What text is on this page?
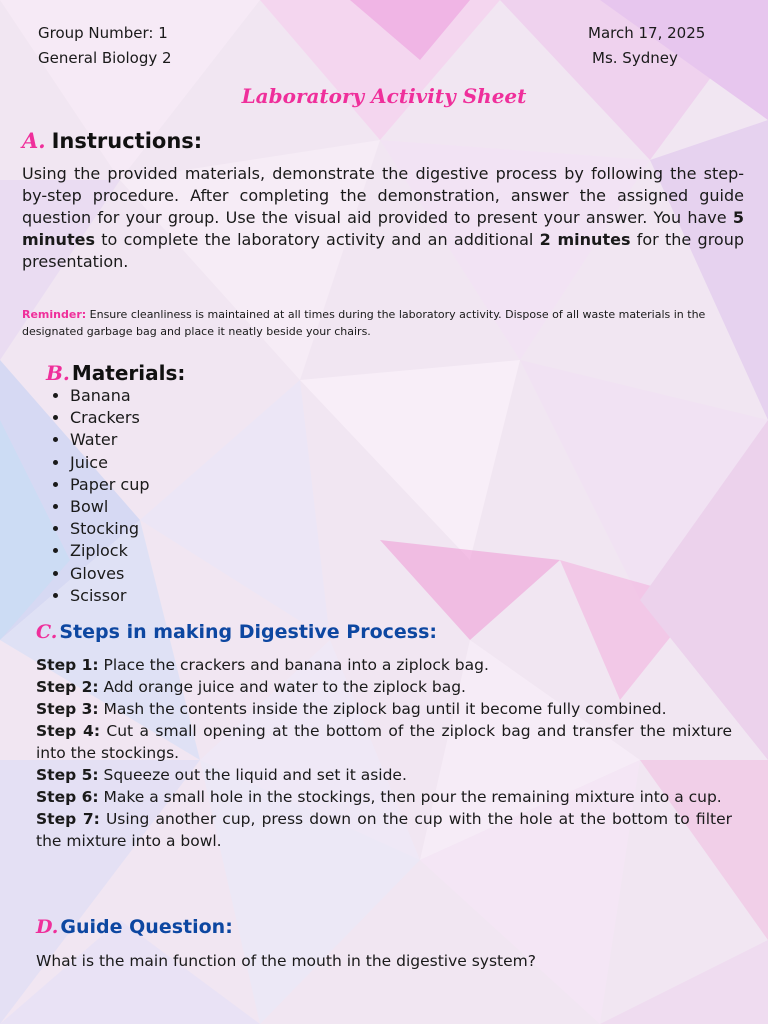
Group Number: 1
General Biology 2
March 17, 2025
Ms. Sydney
Laboratory Activity Sheet
A. Instructions:

Using the provided materials, demonstrate the digestive process by following the step-by-step procedure. After completing the demonstration, answer the assigned guide question for your group. Use the visual aid provided to present your answer. You have 5 minutes to complete the laboratory activity and an additional 2 minutes for the group presentation.

Reminder: Ensure cleanliness is maintained at all times during the laboratory activity. Dispose of all waste materials in the designated garbage bag and place it neatly beside your chairs.

B. Materials:
• Banana
• Crackers
• Water
• Juice
• Paper cup
• Bowl
• Stocking
• Ziplock
• Gloves
• Scissor
C. Steps in making Digestive Process:

Step 1: Place the crackers and banana into a ziplock bag.

Step 2: Add orange juice and water to the ziplock bag.

Step 3: Mash the contents inside the ziplock bag until it become fully combined.

Step 4: Cut a small opening at the bottom of the ziplock bag and transfer the mixture into the stockings.

Step 5: Squeeze out the liquid and set it aside.

Step 6: Make a small hole in the stockings, then pour the remaining mixture into a cup.

Step 7: Using another cup, press down on the cup with the hole at the bottom to filter the mixture into a bowl.

D. Guide Question:

What is the main function of the mouth in the digestive system?
